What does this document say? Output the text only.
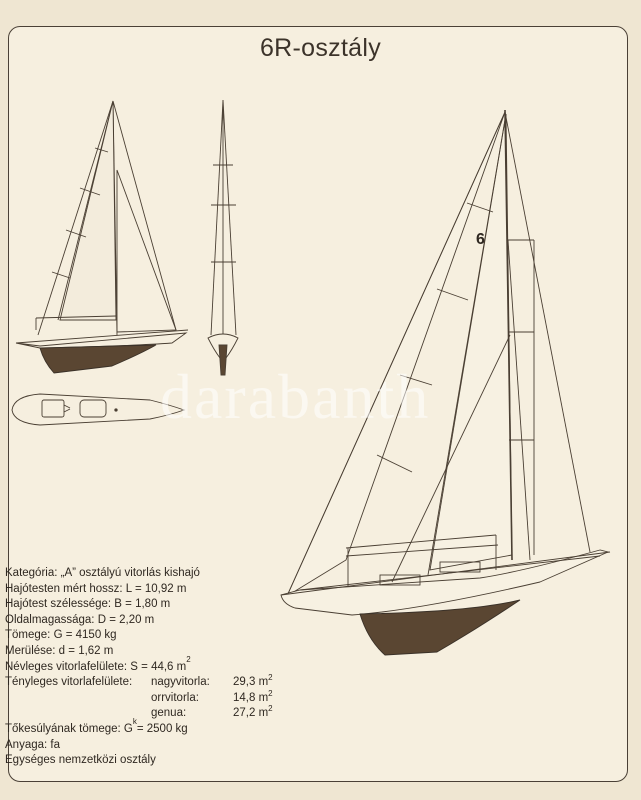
6R-osztály
6
darabanth
Kategória: „A” osztályú vitorlás kishajó
Hajótesten mért hossz: L = 10,92 m
Hajótest szélessége: B = 1,80 m
Oldalmagassága: D = 2,20 m
Tömege: G = 4150 kg
Merülése: d = 1,62 m
Névleges vitorlafelülete: S = 44,6 m
2
Tényleges vitorlafelülete: nagyvitorla:	29,3 $m^2$
orrvitorla:	14,8 $m^2$
genua:	27,2 $m^2$
Tőkesúlyának tömege: G
k
= 2500 kg
Anyaga: fa
Egységes nemzetközi osztály
